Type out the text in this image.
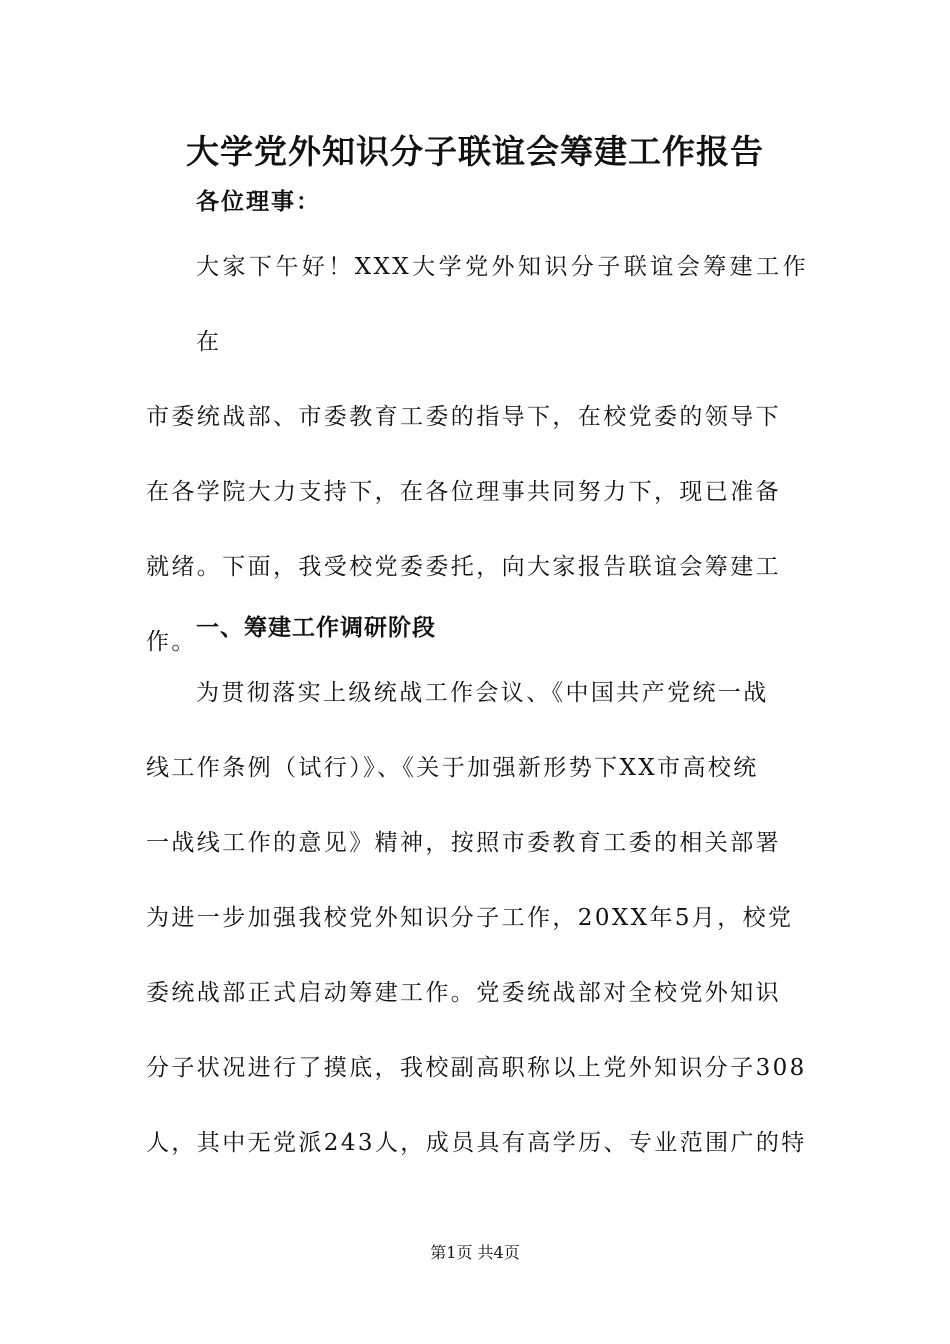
大学党外知识分子联谊会筹建工作报告

各位理事：

大家下午好！XXX大学党外知识分子联谊会筹建工作在
市委统战部、市委教育工委的指导下，在校党委的领导下
在各学院大力支持下，在各位理事共同努力下，现已准备
就绪。下面，我受校党委委托，向大家报告联谊会筹建工
作。

一、筹建工作调研阶段

为贯彻落实上级统战工作会议、《中国共产党统一战
线工作条例（试行）》、《关于加强新形势下XX市高校统
一战线工作的意见》精神，按照市委教育工委的相关部署
为进一步加强我校党外知识分子工作，20XX年5月，校党
委统战部正式启动筹建工作。党委统战部对全校党外知识
分子状况进行了摸底，我校副高职称以上党外知识分子308
人，其中无党派243人，成员具有高学历、专业范围广的特

第1页 共4页
